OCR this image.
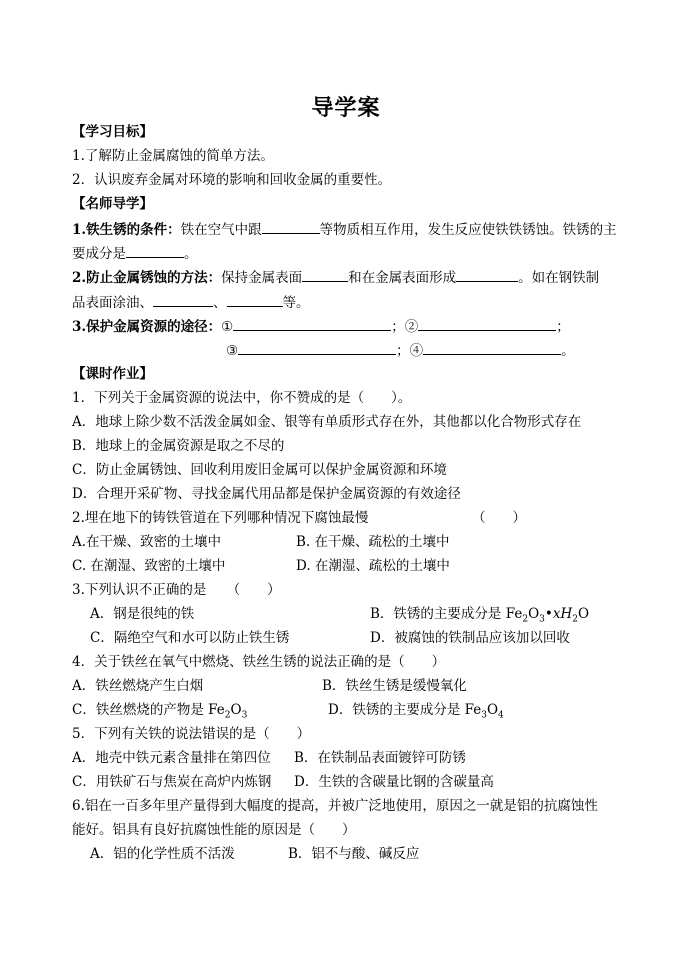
导学案
【学习目标】
1.了解防止金属腐蚀的简单方法。
2．认识废弃金属对环境的影响和回收金属的重要性。
【名师导学】
1.铁生锈的条件：铁在空气中跟	等物质相互作用，发生反应使铁铁锈蚀。铁锈的主
要成分是	。
2.防止金属锈蚀的方法：保持金属表面	和在金属表面形成	。如在钢铁制
品表面涂油、	、	等。
3.保护金属资源的途径：①	；②	；
③	；④	。
【课时作业】
1．下列关于金属资源的说法中，你不赞成的是（　　）。
A．地球上除少数不活泼金属如金、银等有单质形式存在外，其他都以化合物形式存在
B．地球上的金属资源是取之不尽的
C．防止金属锈蚀、回收利用废旧金属可以保护金属资源和环境
D．合理开采矿物、寻找金属代用品都是保护金属资源的有效途径
2.埋在地下的铸铁管道在下列哪种情况下腐蚀最慢	（　　）
A.在干燥、致密的土壤中	B. 在干燥、疏松的土壤中
C. 在潮湿、致密的土壤中	D. 在潮湿、疏松的土壤中
3.下列认识不正确的是　　（　　）
A．钢是很纯的铁	B．铁锈的主要成分是 $Fe_2O_3•xH_2O$
C．隔绝空气和水可以防止铁生锈	D．被腐蚀的铁制品应该加以回收
4．关于铁丝在氧气中燃烧、铁丝生锈的说法正确的是（　　）
A．铁丝燃烧产生白烟	B．铁丝生锈是缓慢氧化
C．铁丝燃烧的产物是 $Fe_2O_3$	D．铁锈的主要成分是 $Fe_3O_4$
5．下列有关铁的说法错误的是（　　）
A．地壳中铁元素含量排在第四位 B．在铁制品表面镀锌可防锈
C．用铁矿石与焦炭在高炉内炼钢 D．生铁的含碳量比钢的含碳量高
6.铝在一百多年里产量得到大幅度的提高，并被广泛地使用，原因之一就是铝的抗腐蚀性
能好。铝具有良好抗腐蚀性能的原因是（　　）
A．铝的化学性质不活泼	B．铝不与酸、碱反应
